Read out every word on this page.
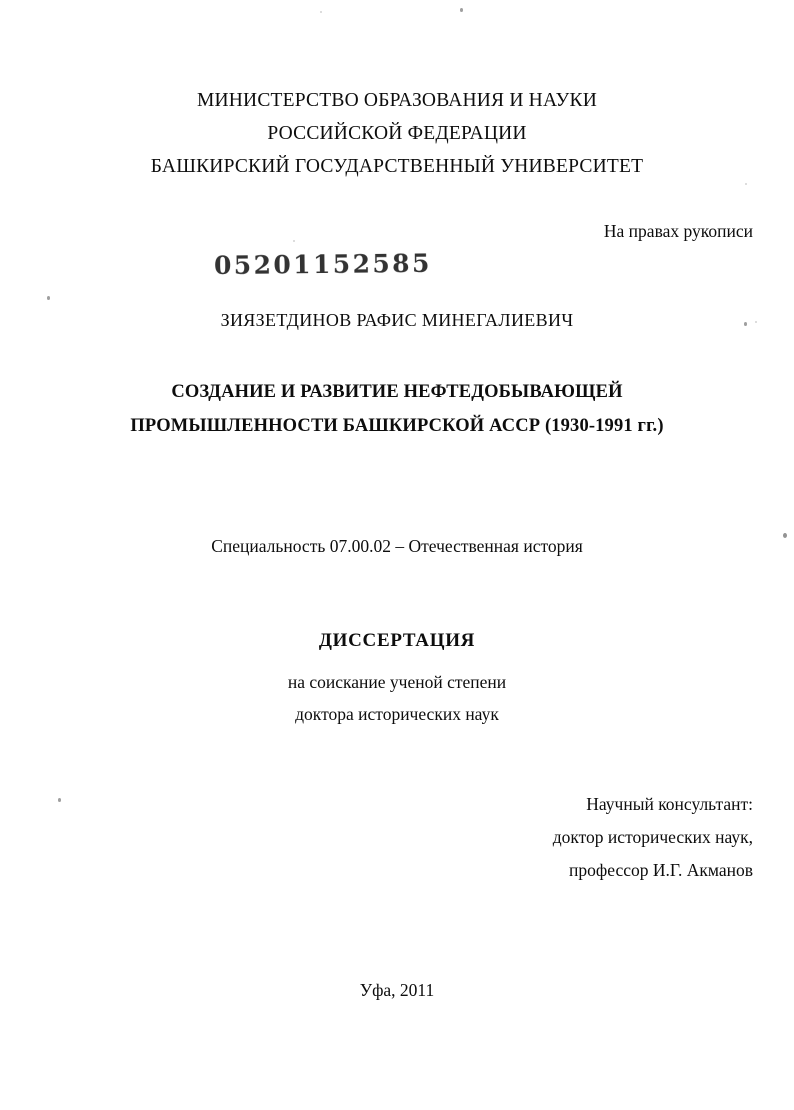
МИНИСТЕРСТВО ОБРАЗОВАНИЯ И НАУКИ
РОССИЙСКОЙ ФЕДЕРАЦИИ
БАШКИРСКИЙ ГОСУДАРСТВЕННЫЙ УНИВЕРСИТЕТ
На правах рукописи
05201152585
ЗИЯЗЕТДИНОВ РАФИС МИНЕГАЛИЕВИЧ
СОЗДАНИЕ И РАЗВИТИЕ НЕФТЕДОБЫВАЮЩЕЙ
ПРОМЫШЛЕННОСТИ БАШКИРСКОЙ АССР (1930-1991 гг.)
Специальность 07.00.02 – Отечественная история
ДИССЕРТАЦИЯ
на соискание ученой степени
доктора исторических наук
Научный консультант:
доктор исторических наук,
профессор И.Г. Акманов
Уфа, 2011
